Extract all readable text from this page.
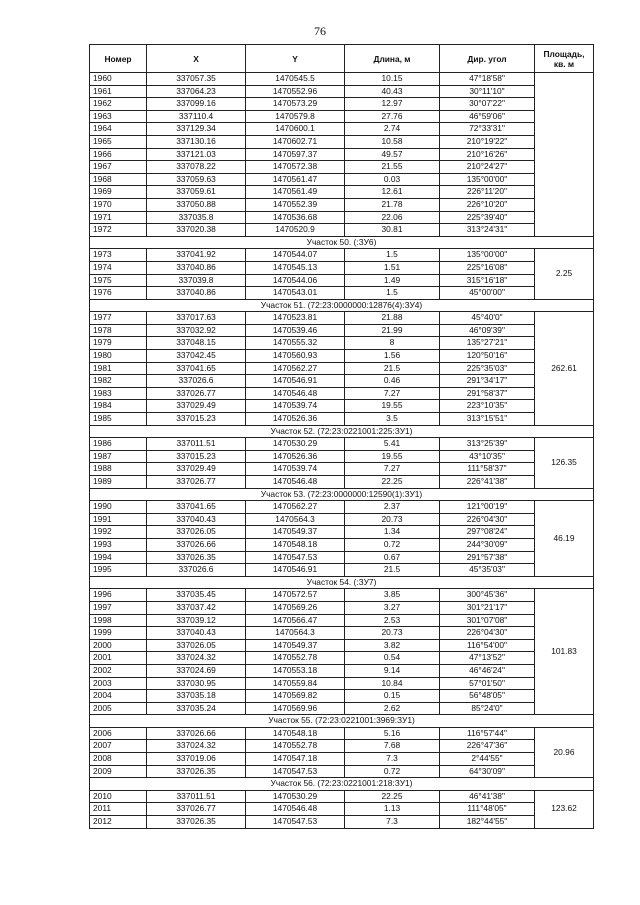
76
Номер	X	Y	Длина, м	Дир. угол	Площадь, кв. м
1960	337057.35	1470545.5	10.15	47°18'58"	
1961	337064.23	1470552.96	40.43	30°11'10"	
1962	337099.16	1470573.29	12.97	30°07'22"	
1963	337110.4	1470579.8	27.76	46°59'06"	
1964	337129.34	1470600.1	2.74	72°33'31"	
1965	337130.16	1470602.71	10.58	210°19'22"	
1966	337121.03	1470597.37	49.57	210°16'26"	
1967	337078.22	1470572.38	21.55	210°24'27"	
1968	337059.63	1470561.47	0.03	135°00'00"	
1969	337059.61	1470561.49	12.61	226°11'20"	
1970	337050.88	1470552.39	21.78	226°10'20"	
1971	337035.8	1470536.68	22.06	225°39'40"	
1972	337020.38	1470520.9	30.81	313°24'31"	
Участок 50. (:ЗУ6)					
1973	337041.92	1470544.07	1.5	135°00'00"	2.25
1974	337040.86	1470545.13	1.51	225°16'08"	
1975	337039.8	1470544.06	1.49	315°16'18"	
1976	337040.86	1470543.01	1.5	45°00'00"	
Участок 51. (72:23:0000000:12876(4):ЗУ4)					
1977	337017.63	1470523.81	21.88	45°40'0"	262.61
1978	337032.92	1470539.46	21.99	46°09'39"	
1979	337048.15	1470555.32	8	135°27'21"	
1980	337042.45	1470560.93	1.56	120°50'16"	
1981	337041.65	1470562.27	21.5	225°35'03"	
1982	337026.6	1470546.91	0.46	291°34'17"	
1983	337026.77	1470546.48	7.27	291°58'37"	
1984	337029.49	1470539.74	19.55	223°10'35"	
1985	337015.23	1470526.36	3.5	313°15'51"	
Участок 52. (72:23:0221001:225:ЗУ1)					
1986	337011.51	1470530.29	5.41	313°25'39"	126.35
1987	337015.23	1470526.36	19.55	43°10'35"	
1988	337029.49	1470539.74	7.27	111°58'37"	
1989	337026.77	1470546.48	22.25	226°41'38"	
Участок 53. (72:23:0000000:12590(1):ЗУ1)					
1990	337041.65	1470562.27	2.37	121°00'19"	46.19
1991	337040.43	1470564.3	20.73	226°04'30"	
1992	337026.05	1470549.37	1.34	297°08'24"	
1993	337026.66	1470548.18	0.72	244°30'09"	
1994	337026.35	1470547.53	0.67	291°57'38"	
1995	337026.6	1470546.91	21.5	45°35'03"	
Участок 54. (:ЗУ7)					
1996	337035.45	1470572.57	3.85	300°45'36"	101.83
1997	337037.42	1470569.26	3.27	301°21'17"	
1998	337039.12	1470566.47	2.53	301°07'08"	
1999	337040.43	1470564.3	20.73	226°04'30"	
2000	337026.05	1470549.37	3.82	116°54'00"	
2001	337024.32	1470552.78	0.54	47°13'52"	
2002	337024.69	1470553.18	9.14	46°46'24"	
2003	337030.95	1470559.84	10.84	57°01'50"	
2004	337035.18	1470569.82	0.15	56°48'05"	
2005	337035.24	1470569.96	2.62	85°24'0"	
Участок 55. (72:23:0221001:3969:ЗУ1)					
2006	337026.66	1470548.18	5.16	116°57'44"	20.96
2007	337024.32	1470552.78	7.68	226°47'36"	
2008	337019.06	1470547.18	7.3	2°44'55"	
2009	337026.35	1470547.53	0.72	64°30'09"	
Участок 56. (72:23:0221001:218:ЗУ1)					
2010	337011.51	1470530.29	22.25	46°41'38"	123.62
2011	337026.77	1470546.48	1.13	111°48'05"	
2012	337026.35	1470547.53	7.3	182°44'55"	
